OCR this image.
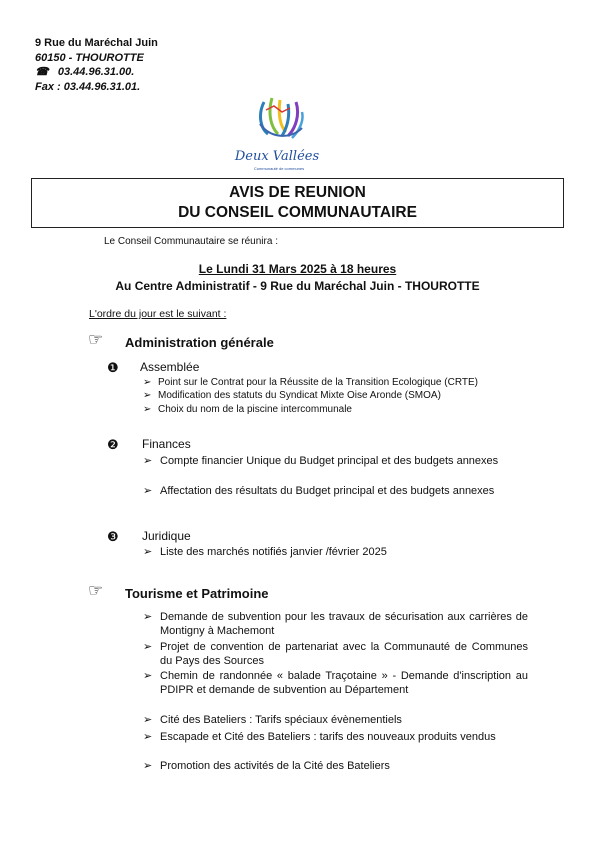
9 Rue du Maréchal Juin
60150 - THOUROTTE
☎ 03.44.96.31.00.
Fax : 03.44.96.31.01.
Deux Vallées
Communauté de communes
AVIS DE REUNION
DU CONSEIL COMMUNAUTAIRE
Le Conseil Communautaire se réunira :
Le Lundi 31 Mars 2025 à 18 heures
Au Centre Administratif - 9 Rue du Maréchal Juin - THOUROTTE
L'ordre du jour est le suivant :
☞ Administration générale
❶ Assemblée
➢ Point sur le Contrat pour la Réussite de la Transition Ecologique (CRTE)
➢ Modification des statuts du Syndicat Mixte Oise Aronde (SMOA)
➢ Choix du nom de la piscine intercommunale
❷ Finances
➢ Compte financier Unique du Budget principal et des budgets annexes
➢ Affectation des résultats du Budget principal et des budgets annexes
❸ Juridique
➢ Liste des marchés notifiés janvier /février 2025
☞ Tourisme et Patrimoine
➢ Demande de subvention pour les travaux de sécurisation aux carrières de Montigny à Machemont
➢ Projet de convention de partenariat avec la Communauté de Communes du Pays des Sources
➢ Chemin de randonnée « balade Traçotaine » - Demande d'inscription au PDIPR et demande de subvention au Département
➢ Cité des Bateliers : Tarifs spéciaux évènementiels
➢ Escapade et Cité des Bateliers : tarifs des nouveaux produits vendus
➢ Promotion des activités de la Cité des Bateliers
